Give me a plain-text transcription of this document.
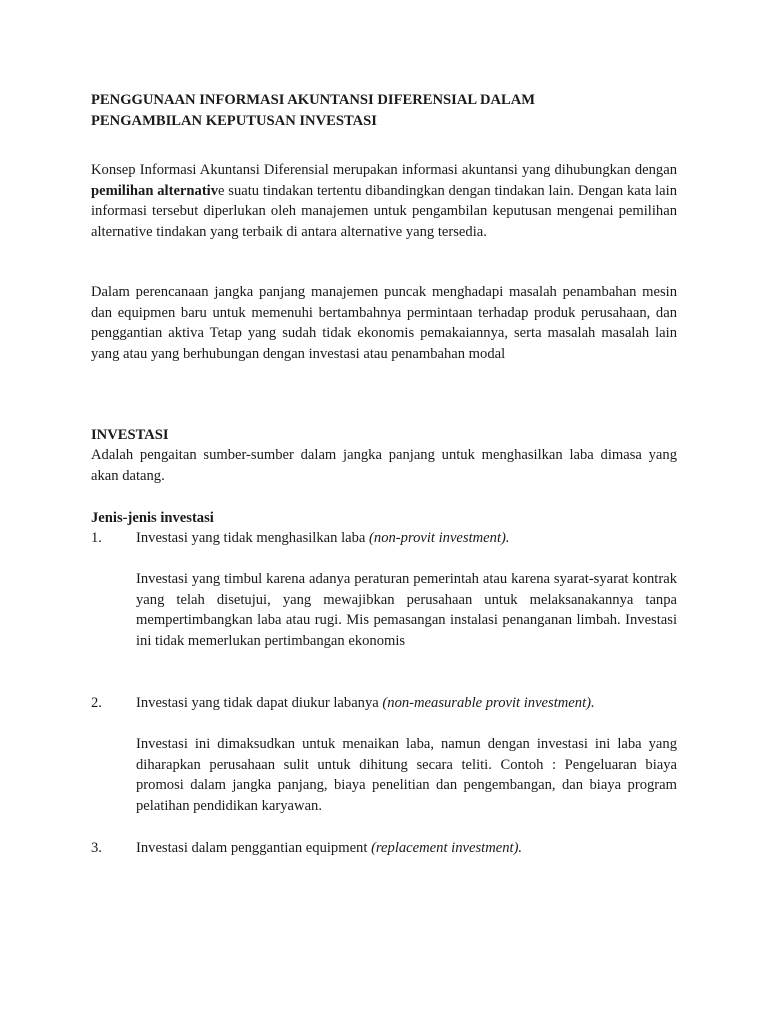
PENGGUNAAN INFORMASI AKUNTANSI DIFERENSIAL DALAM
PENGAMBILAN KEPUTUSAN INVESTASI

Konsep Informasi Akuntansi Diferensial merupakan informasi akuntansi yang dihubungkan dengan pemilihan alternative suatu tindakan tertentu dibandingkan dengan tindakan lain. Dengan kata lain informasi tersebut diperlukan oleh manajemen untuk pengambilan keputusan mengenai pemilihan alternative tindakan yang terbaik di antara alternative yang tersedia.

Dalam perencanaan jangka panjang manajemen puncak menghadapi masalah penambahan mesin dan equipmen baru untuk memenuhi bertambahnya permintaan terhadap produk perusahaan, dan penggantian aktiva Tetap yang sudah tidak ekonomis pemakaiannya, serta masalah masalah lain yang atau yang berhubungan dengan investasi atau penambahan modal

INVESTASI

Adalah pengaitan sumber-sumber dalam jangka panjang untuk menghasilkan laba dimasa yang akan datang.

Jenis-jenis investasi

1. Investasi yang tidak menghasilkan laba (non-provit investment).

Investasi yang timbul karena adanya peraturan pemerintah atau karena syarat-syarat kontrak yang telah disetujui, yang mewajibkan perusahaan untuk melaksanakannya tanpa mempertimbangkan laba atau rugi. Mis pemasangan instalasi penanganan limbah. Investasi ini tidak memerlukan pertimbangan ekonomis

2. Investasi yang tidak dapat diukur labanya (non-measurable provit investment).

Investasi ini dimaksudkan untuk menaikan laba, namun dengan investasi ini laba yang diharapkan perusahaan sulit untuk dihitung secara teliti. Contoh : Pengeluaran biaya promosi dalam jangka panjang, biaya penelitian dan pengembangan, dan biaya program pelatihan pendidikan karyawan.

3. Investasi dalam penggantian equipment (replacement investment).
